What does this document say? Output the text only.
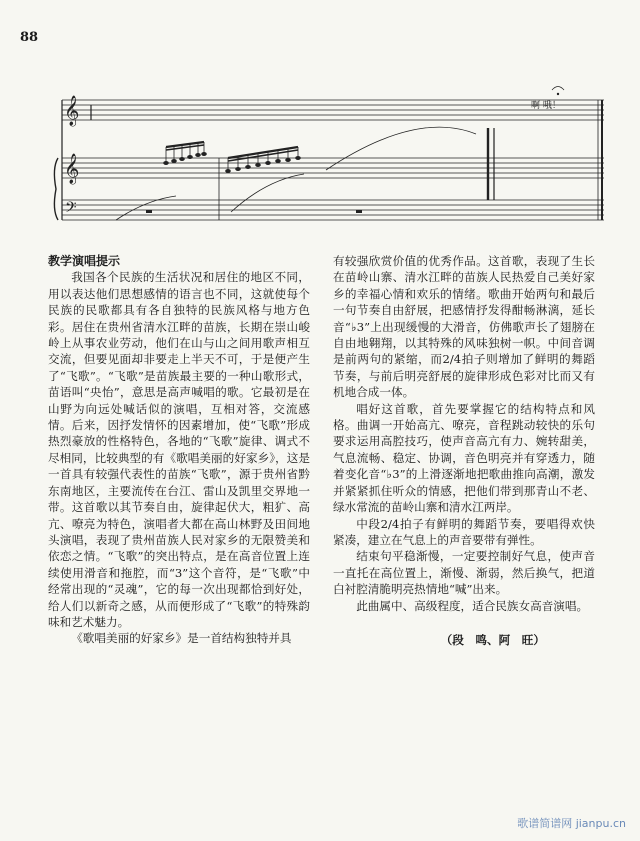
88
𝄞
𝄞
𝄢
啊 哦！
教学演唱提示

我国各个民族的生活状况和居住的地区不同，用以表达他们思想感情的语言也不同，这就使每个民族的民歌都具有各自独特的民族风格与地方色彩。居住在贵州省清水江畔的苗族，长期在崇山峻岭上从事农业劳动，他们在山与山之间用歌声相互交流，但要见面却非要走上半天不可，于是便产生了“飞歌”。“飞歌”是苗族最主要的一种山歌形式，苗语叫“央怡”，意思是高声喊唱的歌。它最初是在山野为向远处喊话似的演唱，互相对答，交流感情。后来，因抒发情怀的因素增加，使“飞歌”形成热烈豪放的性格特色，各地的“飞歌”旋律、调式不尽相同，比较典型的有《歌唱美丽的好家乡》，这是一首具有较强代表性的苗族“飞歌”，源于贵州省黔东南地区，主要流传在台江、雷山及凯里交界地一带。这首歌以其节奏自由，旋律起伏大，粗犷、高亢、嘹亮为特色，演唱者大都在高山林野及田间地头演唱，表现了贵州苗族人民对家乡的无限赞美和依恋之情。“飞歌”的突出特点，是在高音位置上连续使用滑音和拖腔，而“3”这个音符，是“飞歌”中经常出现的“灵魂”，它的每一次出现都恰到好处，给人们以新奇之感，从而便形成了“飞歌”的特殊韵味和艺术魅力。

《歌唱美丽的好家乡》是一首结构独特并具

有较强欣赏价值的优秀作品。这首歌，表现了生长在苗岭山寨、清水江畔的苗族人民热爱自己美好家乡的幸福心情和欢乐的情绪。歌曲开始两句和最后一句节奏自由舒展，把感情抒发得酣畅淋漓，延长音“♭3”上出现缓慢的大滑音，仿佛歌声长了翅膀在自由地翱翔，以其特殊的风味独树一帜。中间音调是前两句的紧缩，而2/4拍子则增加了鲜明的舞蹈节奏，与前后明亮舒展的旋律形成色彩对比而又有机地合成一体。

唱好这首歌，首先要掌握它的结构特点和风格。曲调一开始高亢、嘹亮，音程跳动较快的乐句要求运用高腔技巧，使声音高亢有力、婉转甜美，气息流畅、稳定、协调，音色明亮并有穿透力，随着变化音“♭3”的上滑逐渐地把歌曲推向高潮，激发并紧紧抓住听众的情感，把他们带到那青山不老、绿水常流的苗岭山寨和清水江两岸。

中段2/4拍子有鲜明的舞蹈节奏，要唱得欢快紧凑，建立在气息上的声音要带有弹性。

结束句平稳渐慢，一定要控制好气息，使声音一直托在高位置上，渐慢、渐弱，然后换气，把道白衬腔清脆明亮热情地“喊”出来。

此曲属中、高级程度，适合民族女高音演唱。

（段　鸣、阿　旺）

歌谱简谱网 jianpu.cn
